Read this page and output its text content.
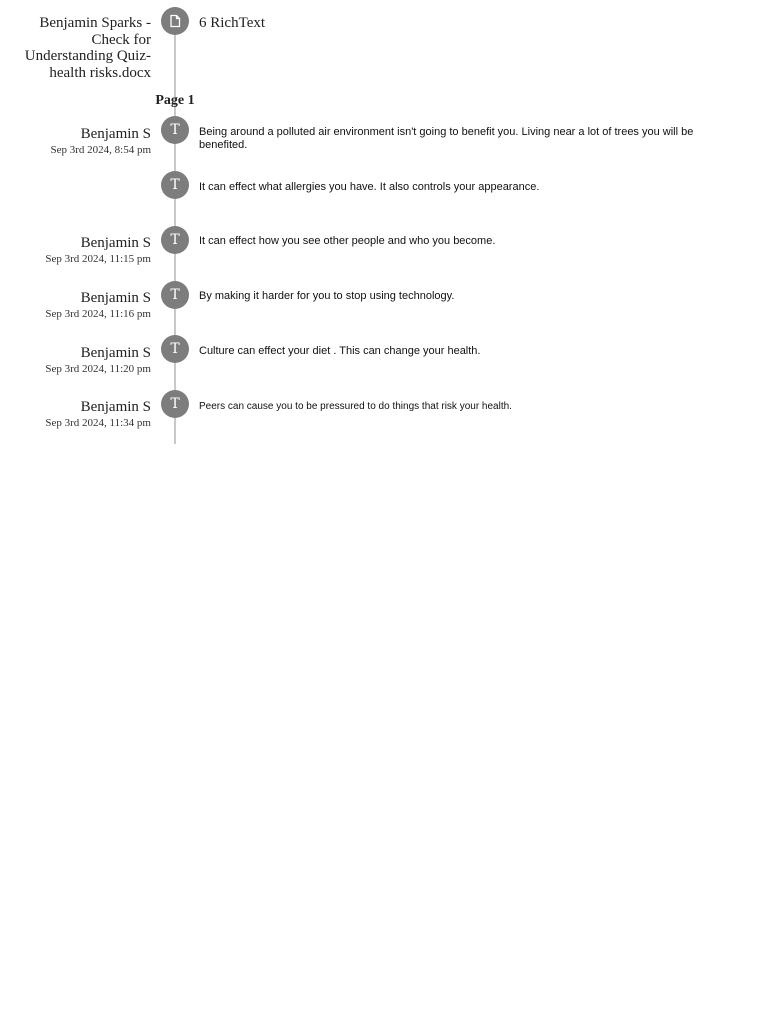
Benjamin Sparks -
Check for
Understanding Quiz-
health risks.docx
6 RichText
Page 1
Benjamin S
Sep 3rd 2024, 8:54 pm
T Being around a polluted air environment isn't going to benefit you. Living near a lot of trees you will be benefited.
T It can effect what allergies you have. It also controls your appearance.
Benjamin S
Sep 3rd 2024, 11:15 pm
T It can effect how you see other people and who you become.
Benjamin S
Sep 3rd 2024, 11:16 pm
T By making it harder for you to stop using technology.
Benjamin S
Sep 3rd 2024, 11:20 pm
T Culture can effect your diet . This can change your health.
Benjamin S
Sep 3rd 2024, 11:34 pm
T Peers can cause you to be pressured to do things that risk your health.
